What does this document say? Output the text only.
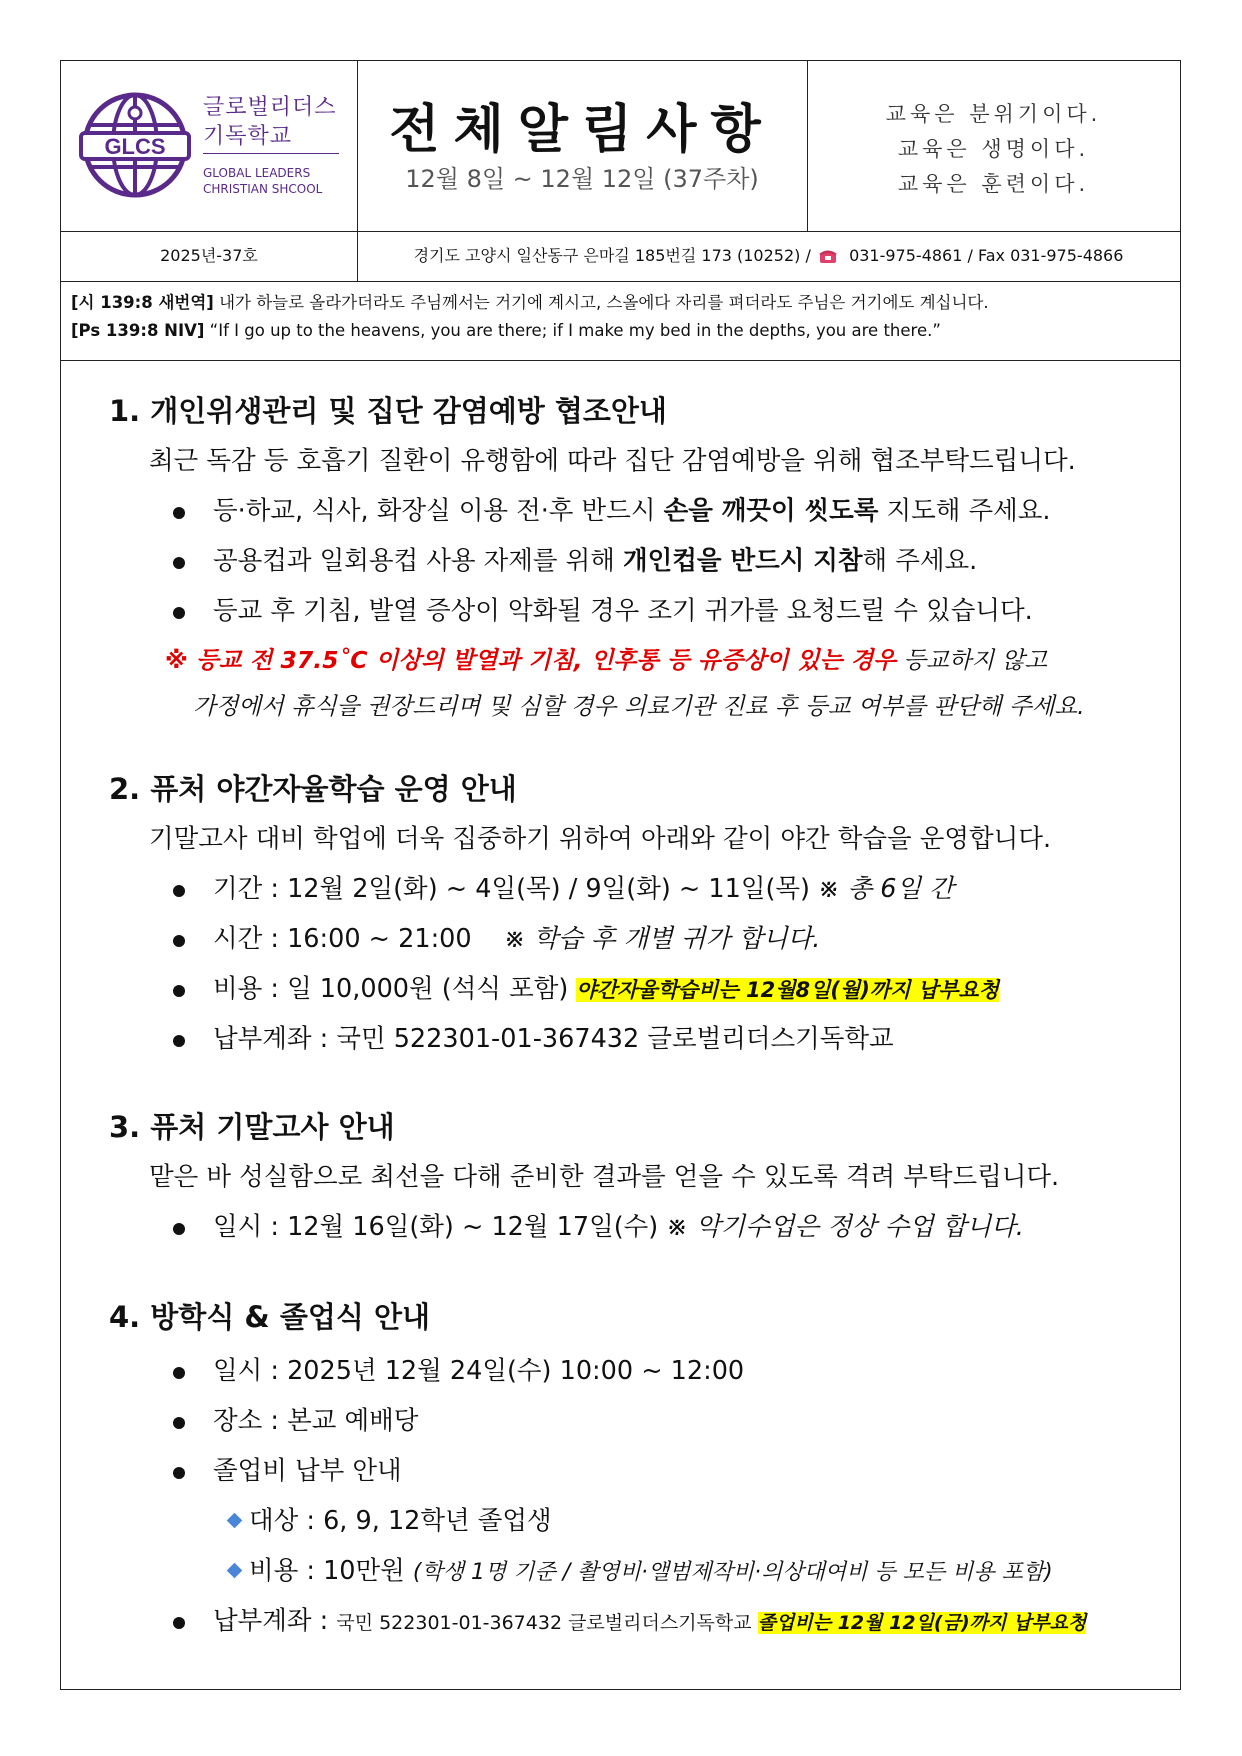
GLCS
글로벌리더스
기독학교
GLOBAL LEADERS
CHRISTIAN SHCOOL
전체알림사항
12월 8일 ~ 12월 12일 (37주차)
교육은 분위기이다.
교육은 생명이다.
교육은 훈련이다.
2025년-37호	경기도 고양시 일산동구 은마길 185번길 173 (10252) / 031-975-4861 / Fax 031-975-4866
[시 139:8 새번역] 내가 하늘로 올라가더라도 주님께서는 거기에 계시고, 스올에다 자리를 펴더라도 주님은 거기에도 계십니다.
[Ps 139:8 NIV] “If I go up to the heavens, you are there; if I make my bed in the depths, you are there.”
1. 개인위생관리 및 집단 감염예방 협조안내
최근 독감 등 호흡기 질환이 유행함에 따라 집단 감염예방을 위해 협조부탁드립니다.
등·하교, 식사, 화장실 이용 전·후 반드시 손을 깨끗이 씻도록 지도해 주세요.
공용컵과 일회용컵 사용 자제를 위해 개인컵을 반드시 지참해 주세요.
등교 후 기침, 발열 증상이 악화될 경우 조기 귀가를 요청드릴 수 있습니다.
※ 등교 전 37.5˚C 이상의 발열과 기침, 인후통 등 유증상이 있는 경우 등교하지 않고
가정에서 휴식을 권장드리며 및 심할 경우 의료기관 진료 후 등교 여부를 판단해 주세요.
2. 퓨처 야간자율학습 운영 안내
기말고사 대비 학업에 더욱 집중하기 위하여 아래와 같이 야간 학습을 운영합니다.
기간 : 12월 2일(화) ~ 4일(목) / 9일(화) ~ 11일(목) ※ 총 6일 간
시간 : 16:00 ~ 21:00    ※ 학습 후 개별 귀가 합니다.
비용 : 일 10,000원 (석식 포함) 야간자율학습비는 12월8일(월)까지 납부요청
납부계좌 : 국민 522301-01-367432 글로벌리더스기독학교
3. 퓨처 기말고사 안내
맡은 바 성실함으로 최선을 다해 준비한 결과를 얻을 수 있도록 격려 부탁드립니다.
일시 : 12월 16일(화) ~ 12월 17일(수) ※ 악기수업은 정상 수업 합니다.
4. 방학식 & 졸업식 안내
일시 : 2025년 12월 24일(수) 10:00 ~ 12:00
장소 : 본교 예배당
졸업비 납부 안내
대상 : 6, 9, 12학년 졸업생
비용 : 10만원 (학생 1명 기준 / 촬영비·앨범제작비·의상대여비 등 모든 비용 포함)
납부계좌 : 국민 522301-01-367432 글로벌리더스기독학교 졸업비는 12월 12일(금)까지 납부요청
